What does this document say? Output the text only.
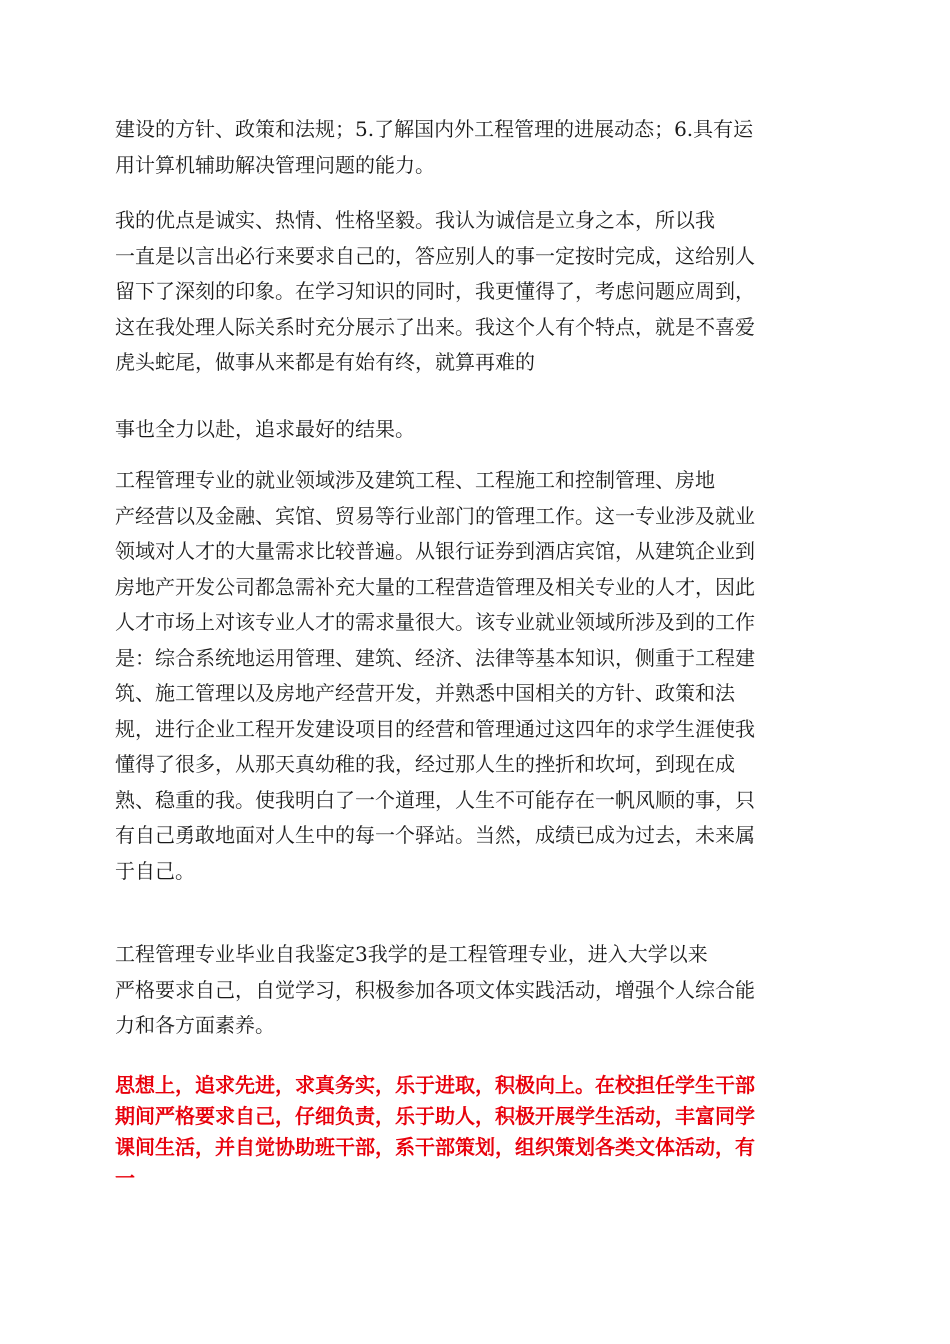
建设的方针、政策和法规；5.了解国内外工程管理的进展动态；6.具有运
用计算机辅助解决管理问题的能力。

我的优点是诚实、热情、性格坚毅。我认为诚信是立身之本，所以我
一直是以言出必行来要求自己的，答应别人的事一定按时完成，这给别人
留下了深刻的印象。在学习知识的同时，我更懂得了，考虑问题应周到，
这在我处理人际关系时充分展示了出来。我这个人有个特点，就是不喜爱
虎头蛇尾，做事从来都是有始有终，就算再难的

事也全力以赴，追求最好的结果。

工程管理专业的就业领域涉及建筑工程、工程施工和控制管理、房地
产经营以及金融、宾馆、贸易等行业部门的管理工作。这一专业涉及就业
领域对人才的大量需求比较普遍。从银行证券到酒店宾馆，从建筑企业到
房地产开发公司都急需补充大量的工程营造管理及相关专业的人才，因此
人才市场上对该专业人才的需求量很大。该专业就业领域所涉及到的工作
是：综合系统地运用管理、建筑、经济、法律等基本知识，侧重于工程建
筑、施工管理以及房地产经营开发，并熟悉中国相关的方针、政策和法
规，进行企业工程开发建设项目的经营和管理通过这四年的求学生涯使我
懂得了很多，从那天真幼稚的我，经过那人生的挫折和坎坷，到现在成
熟、稳重的我。使我明白了一个道理，人生不可能存在一帆风顺的事，只
有自己勇敢地面对人生中的每一个驿站。当然，成绩已成为过去，未来属
于自己。

工程管理专业毕业自我鉴定3我学的是工程管理专业，进入大学以来
严格要求自己，自觉学习，积极参加各项文体实践活动，增强个人综合能
力和各方面素养。

思想上，追求先进，求真务实，乐于进取，积极向上。在校担任学生干部
期间严格要求自己，仔细负责，乐于助人，积极开展学生活动，丰富同学
课间生活，并自觉协助班干部，系干部策划，组织策划各类文体活动，有
一
